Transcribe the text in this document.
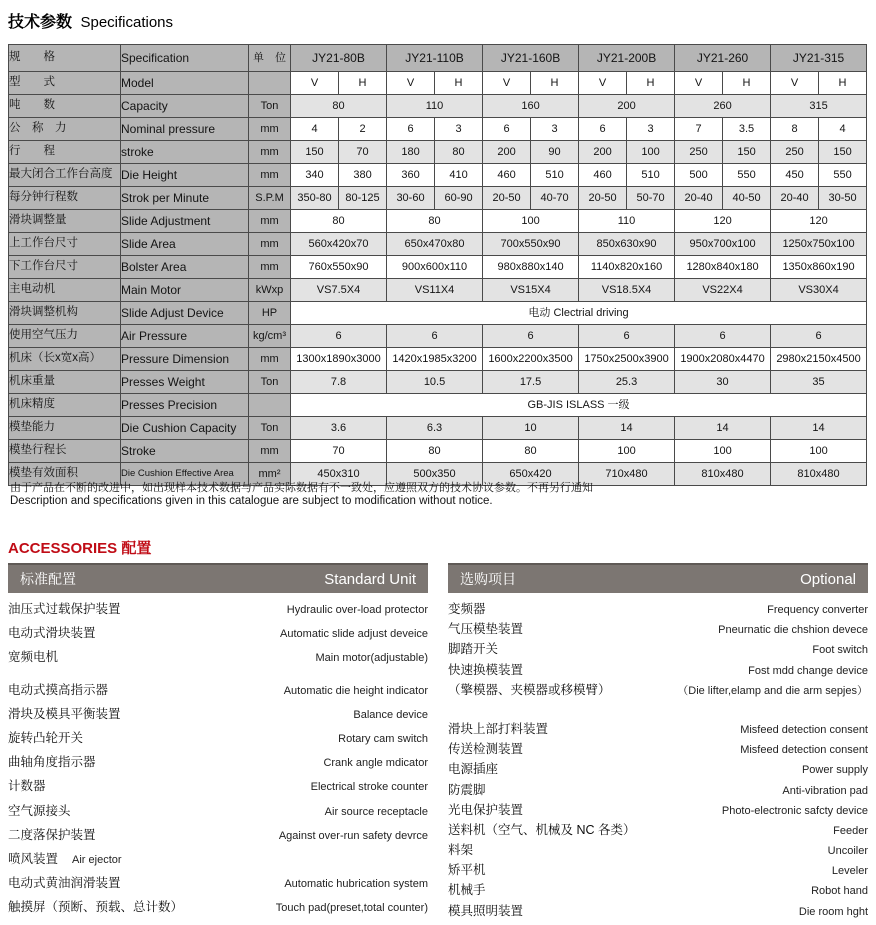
技术参数 Specifications
规　　格	Specification	单　位	JY21-80B		JY21-110B		JY21-160B		JY21-200B		JY21-260		JY21-315	
型　　式	Model		V	H	V	H	V	H	V	H	V	H	V	H
吨　　数	Capacity	Ton	80		110		160		200		260		315	
公　称　力	Nominal pressure	mm	4	2	6	3	6	3	6	3	7	3.5	8	4
行　　程	stroke	mm	150	70	180	80	200	90	200	100	250	150	250	150
最大闭合工作台高度	Die Height	mm	340	380	360	410	460	510	460	510	500	550	450	550
每分钟行程数	Strok per Minute	S.P.M	350-80	80-125	30-60	60-90	20-50	40-70	20-50	50-70	20-40	40-50	20-40	30-50
滑块调整量	Slide Adjustment	mm	80		80		100		110		120		120	
上工作台尺寸	Slide Area	mm	560x420x70		650x470x80		700x550x90		850x630x90		950x700x100		1250x750x100	
下工作台尺寸	Bolster Area	mm	760x550x90		900x600x110		980x880x140		1140x820x160		1280x840x180		1350x860x190	
主电动机	Main Motor	kWxp	VS7.5X4		VS11X4		VS15X4		VS18.5X4		VS22X4		VS30X4	
滑块调整机构	Slide Adjust Device	HP	电动 Clectrial driving											
使用空气压力	Air Pressure	kg/cm³	6		6		6		6		6		6	
机床（长x宽x高）	Pressure Dimension	mm	1300x1890x3000		1420x1985x3200		1600x2200x3500		1750x2500x3900		1900x2080x4470		2980x2150x4500	
机床重量	Presses Weight	Ton	7.8		10.5		17.5		25.3		30		35	
机床精度	Presses Precision		GB-JIS ISLASS 一级											
模垫能力	Die Cushion Capacity	Ton	3.6		6.3		10		14		14		14	
模垫行程长	Stroke	mm	70		80		80		100		100		100	
模垫有效面积	Die Cushion Effective Area	mm²	450x310		500x350		650x420		710x480		810x480		810x480	
由于产品在不断的改进中，如出现样本技术数据与产品实际数据有不一致处，应遵照双方的技术协议参数。不再另行通知
Description and specifications given in this catalogue are subject to modification without notice.
ACCESSORIES 配置
标准配置	Standard Unit	选购项目	Optional
油压式过载保护装置	Hydraulic over-load protector
电动式滑块装置	Automatic slide adjust deveice
宽频电机	Main motor(adjustable)
电动式摸高指示器	Automatic die height indicator
滑块及模具平衡装置	Balance device
旋转凸轮开关	Rotary cam switch
曲轴角度指示器	Crank angle mdicator
计数器	Electrical stroke counter
空气源接头	Air source receptacle
二度落保护装置	Against over-run safety devrce
喷风装置 Air ejector
电动式黄油润滑装置	Automatic hubrication system
触摸屏（预断、预载、总计数）	Touch pad(preset,total counter)
变频器	Frequency converter
气压模垫装置	Pneurnatic die chshion devece
脚踏开关	Foot switch
快速换模装置	Fost mdd change device
（擎模器、夹模器或移模臂）	（Die lifter,elamp and die arm sepjes）
滑块上部打料装置	Misfeed detection consent
传送检测装置	Misfeed detection consent
电源插座	Power supply
防震脚	Anti-vibration pad
光电保护装置	Photo-electronic safcty device
送料机（空气、机械及 NC 各类）	Feeder
料架	Uncoiler
矫平机	Leveler
机械手	Robot hand
模具照明装置	Die room hght
